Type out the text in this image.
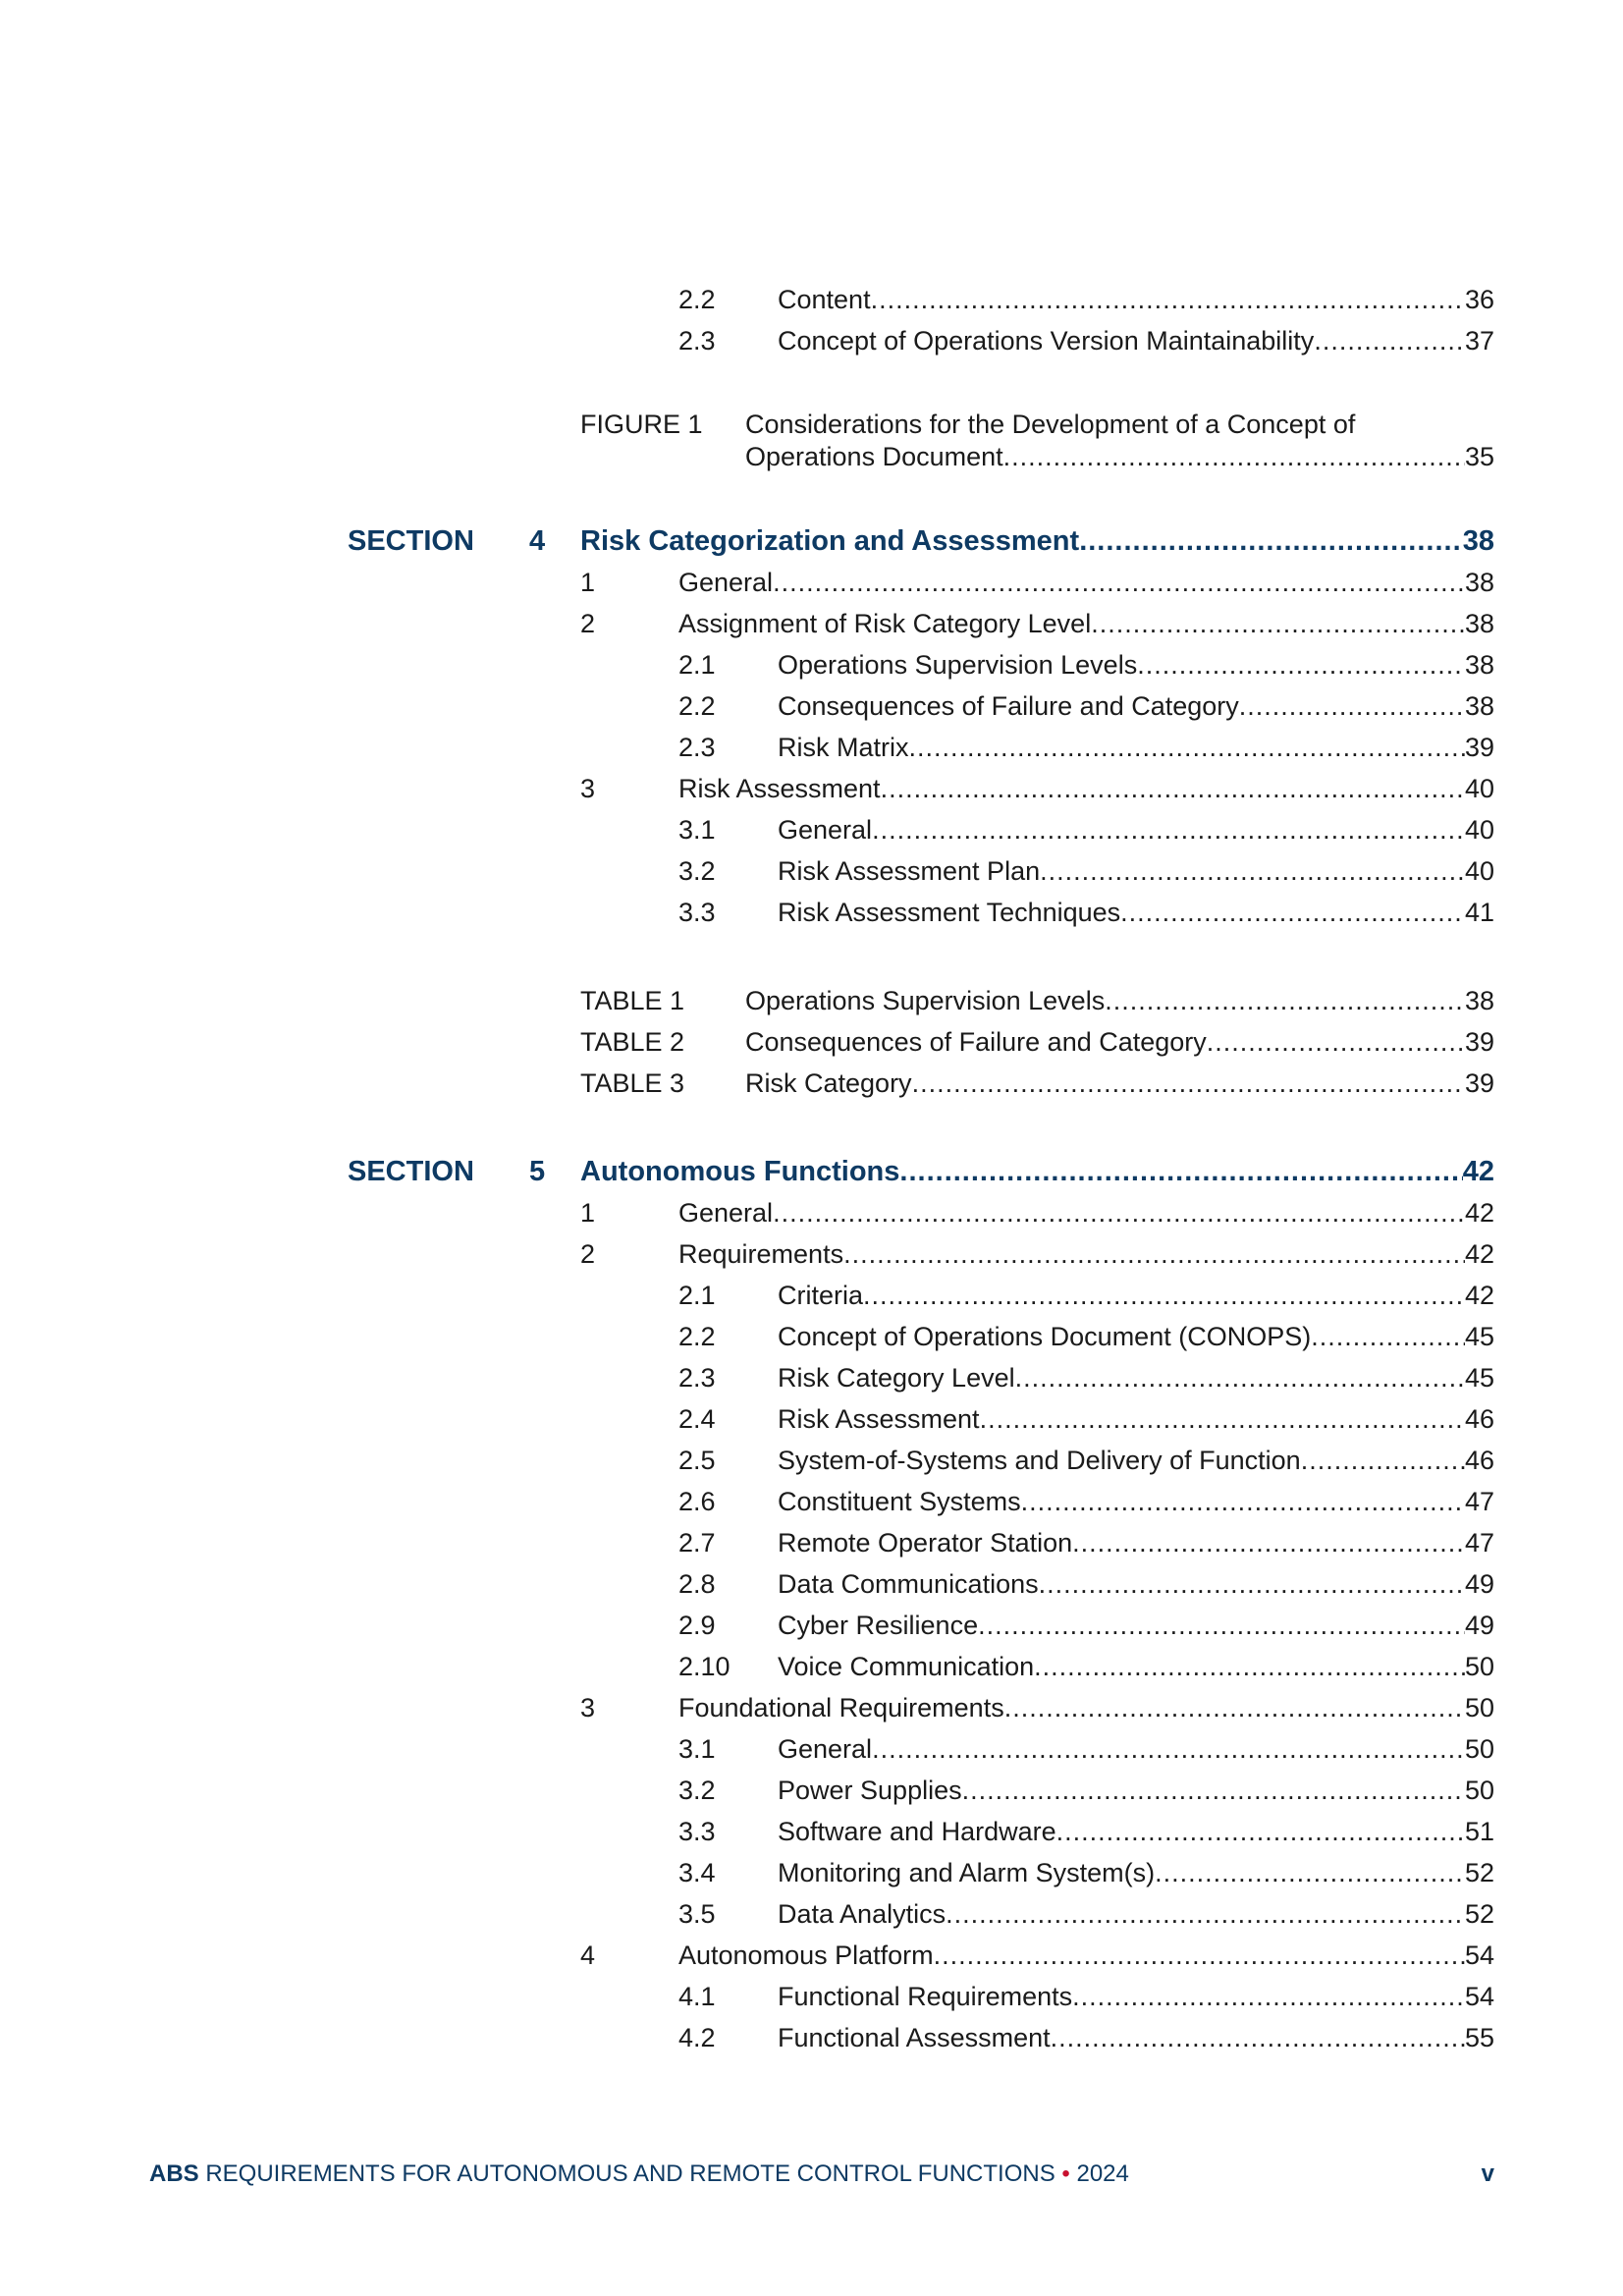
2.2 Content .....	36
2.3 Concept of Operations Version Maintainability .....	37
FIGURE 1 Considerations for the Development of a Concept of
Operations Document .....	35
SECTION 4 Risk Categorization and Assessment .....	38
1	General .....	38
2	Assignment of Risk Category Level .....	38
2.1 Operations Supervision Levels .....	38
2.2 Consequences of Failure and Category .....	38
2.3 Risk Matrix .....	39
3	Risk Assessment .....	40
3.1 General .....	40
3.2 Risk Assessment Plan .....	40
3.3 Risk Assessment Techniques .....	41
TABLE 1 Operations Supervision Levels .....	38
TABLE 2 Consequences of Failure and Category .....	39
TABLE 3 Risk Category .....	39
SECTION 5 Autonomous Functions .....	42
1	General .....	42
2	Requirements .....	42
2.1 Criteria .....	42
2.2 Concept of Operations Document (CONOPS) .....	45
2.3 Risk Category Level .....	45
2.4 Risk Assessment .....	46
2.5 System-of-Systems and Delivery of Function .....	46
2.6 Constituent Systems .....	47
2.7 Remote Operator Station .....	47
2.8 Data Communications .....	49
2.9 Cyber Resilience .....	49
2.10 Voice Communication .....	50
3	Foundational Requirements .....	50
3.1 General .....	50
3.2 Power Supplies .....	50
3.3 Software and Hardware .....	51
3.4 Monitoring and Alarm System(s) .....	52
3.5 Data Analytics .....	52
4	Autonomous Platform .....	54
4.1 Functional Requirements .....	54
4.2 Functional Assessment .....	55
ABS REQUIREMENTS FOR AUTONOMOUS AND REMOTE CONTROL FUNCTIONS • 2024	v
